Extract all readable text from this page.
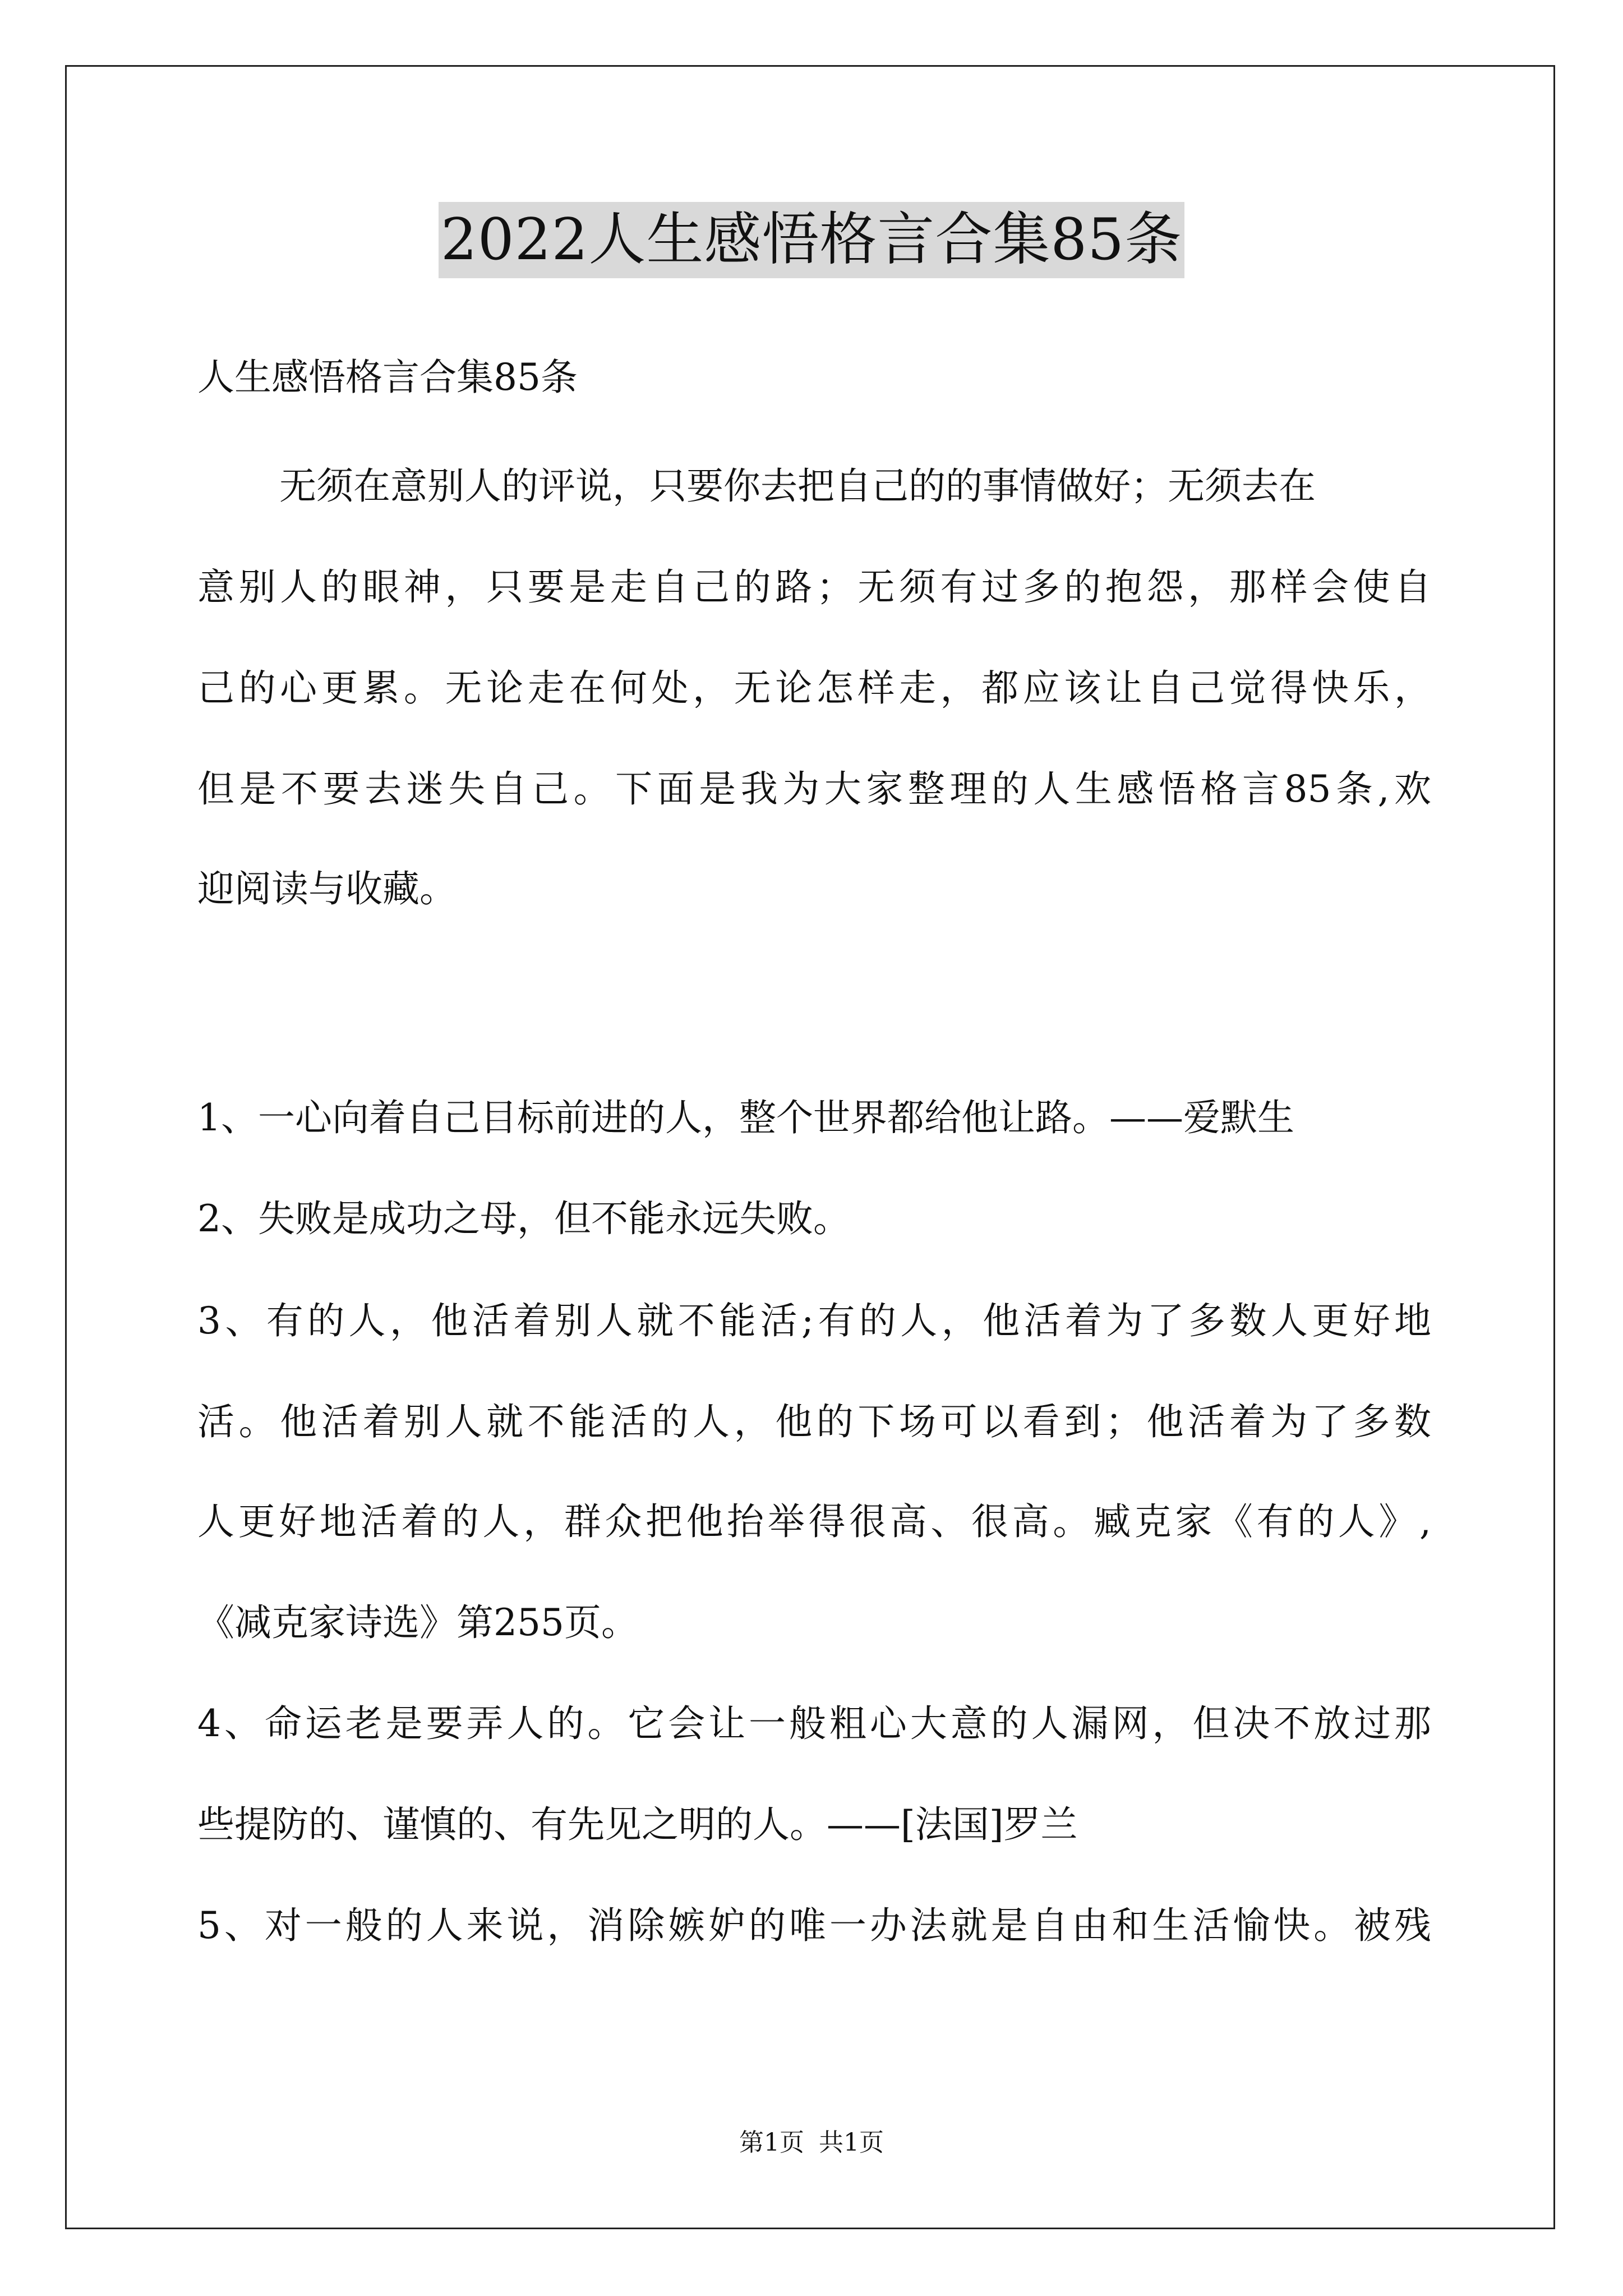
2022人生感悟格言合集85条
人生感悟格言合集85条
无须在意别人的评说，只要你去把自己的的事情做好；无须去在
意别人的眼神，只要是走自己的路；无须有过多的抱怨，那样会使自
己的心更累。无论走在何处，无论怎样走，都应该让自己觉得快乐，
但是不要去迷失自己。下面是我为大家整理的人生感悟格言85条,欢
迎阅读与收藏。
1、一心向着自己目标前进的人，整个世界都给他让路。——爱默生
2、失败是成功之母，但不能永远失败。
3、有的人，他活着别人就不能活;有的人，他活着为了多数人更好地
活。他活着别人就不能活的人，他的下场可以看到；他活着为了多数
人更好地活着的人，群众把他抬举得很高、很高。臧克家《有的人》,
《减克家诗选》第255页。
4、命运老是要弄人的。它会让一般粗心大意的人漏网，但决不放过那
些提防的、谨慎的、有先见之明的人。——[法国]罗兰
5、对一般的人来说，消除嫉妒的唯一办法就是自由和生活愉快。被残
第1页 共1页
